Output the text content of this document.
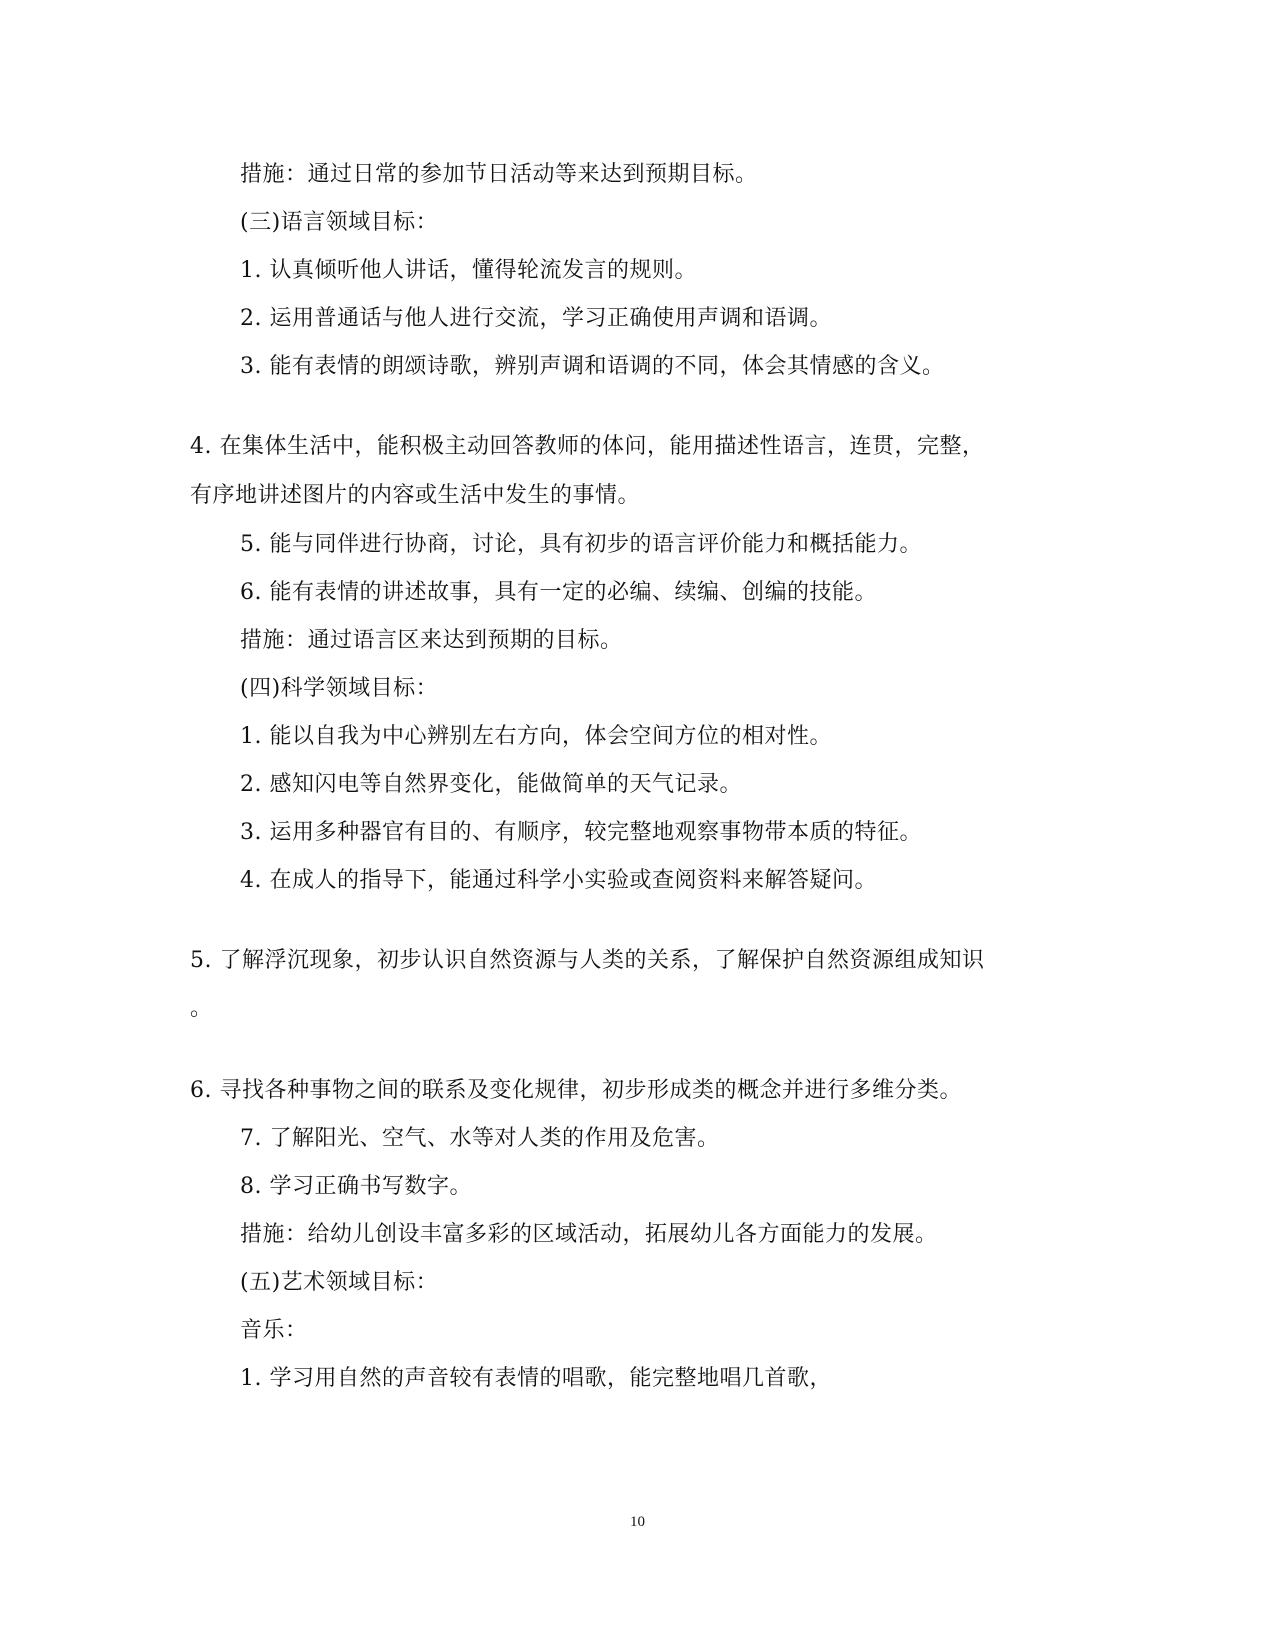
措施：通过日常的参加节日活动等来达到预期目标。
(三)语言领域目标：
1. 认真倾听他人讲话，懂得轮流发言的规则。
2. 运用普通话与他人进行交流，学习正确使用声调和语调。
3. 能有表情的朗颂诗歌，辨别声调和语调的不同，体会其情感的含义。
4. 在集体生活中，能积极主动回答教师的体问，能用描述性语言，连贯，完整，
有序地讲述图片的内容或生活中发生的事情。
5. 能与同伴进行协商，讨论，具有初步的语言评价能力和概括能力。
6. 能有表情的讲述故事，具有一定的必编、续编、创编的技能。
措施：通过语言区来达到预期的目标。
(四)科学领域目标：
1. 能以自我为中心辨别左右方向，体会空间方位的相对性。
2. 感知闪电等自然界变化，能做简单的天气记录。
3. 运用多种器官有目的、有顺序，较完整地观察事物带本质的特征。
4. 在成人的指导下，能通过科学小实验或查阅资料来解答疑问。
5. 了解浮沉现象，初步认识自然资源与人类的关系，了解保护自然资源组成知识
。
6. 寻找各种事物之间的联系及变化规律，初步形成类的概念并进行多维分类。
7. 了解阳光、空气、水等对人类的作用及危害。
8. 学习正确书写数字。
措施：给幼儿创设丰富多彩的区域活动，拓展幼儿各方面能力的发展。
(五)艺术领域目标：
音乐：
1. 学习用自然的声音较有表情的唱歌，能完整地唱几首歌，
10
